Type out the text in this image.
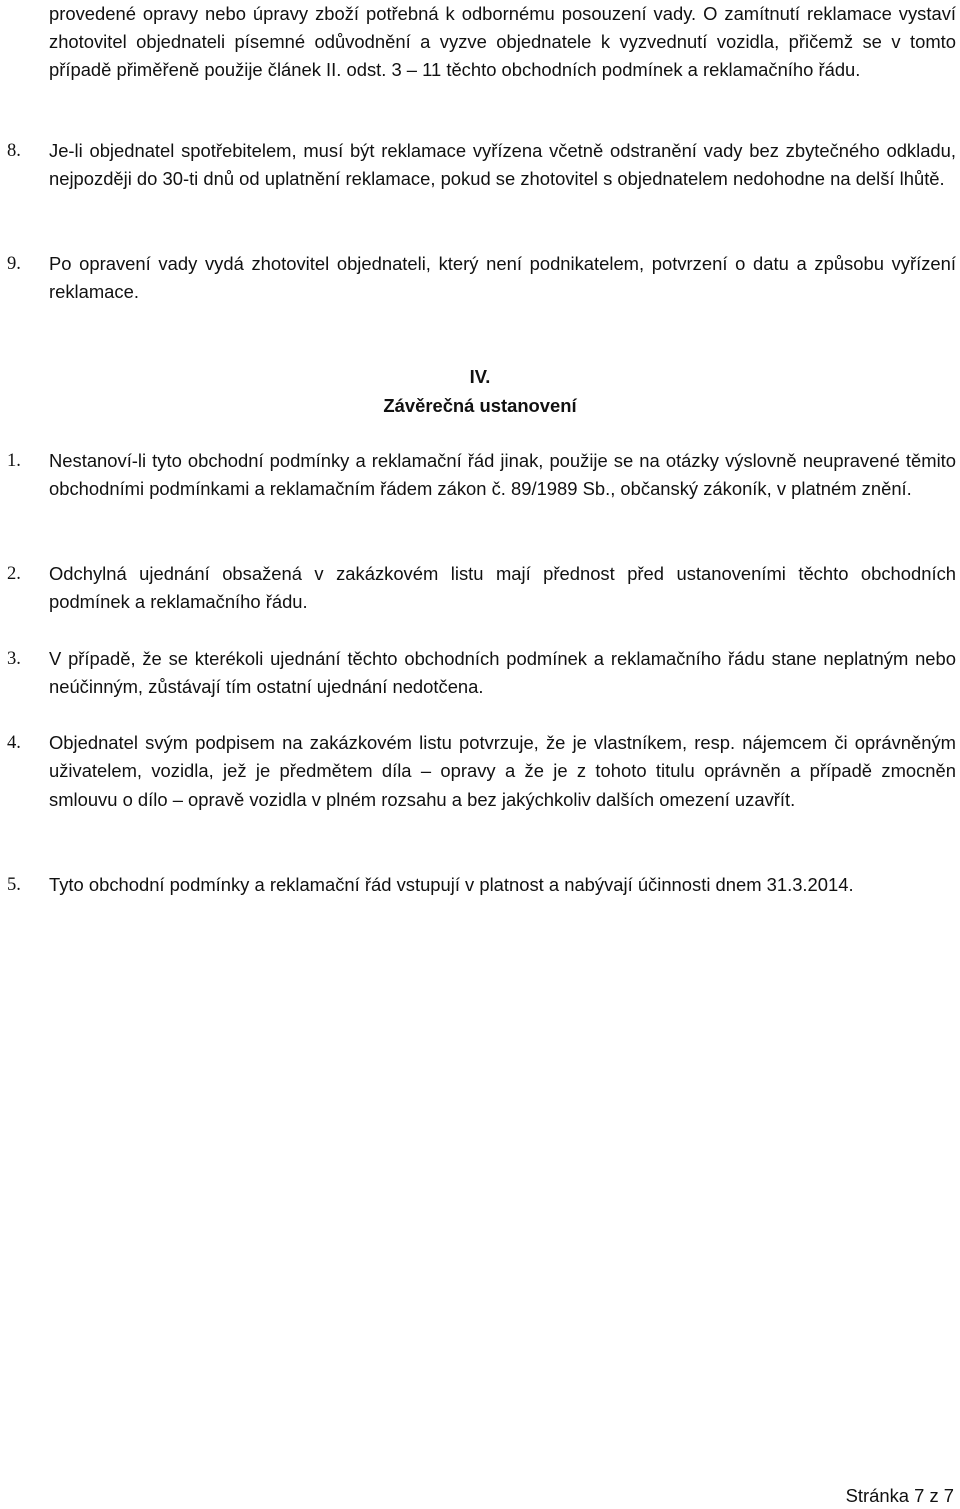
provedené opravy nebo úpravy zboží potřebná k odbornému posouzení vady. O zamítnutí reklamace vystaví zhotovitel objednateli písemné odůvodnění a vyzve objednatele k vyzvednutí vozidla, přičemž se v tomto případě přiměřeně použije článek II. odst. 3 – 11 těchto obchodních podmínek a reklamačního řádu.

8.	Je-li objednatel spotřebitelem, musí být reklamace vyřízena včetně odstranění vady bez zbytečného odkladu, nejpozději do 30-ti dnů od uplatnění reklamace, pokud se zhotovitel s objednatelem nedohodne na delší lhůtě.
9.	Po opravení vady vydá zhotovitel objednateli, který není podnikatelem, potvrzení o datu a způsobu vyřízení reklamace.

IV.

Závěrečná ustanovení

1.	Nestanoví-li tyto obchodní podmínky a reklamační řád jinak, použije se na otázky výslovně neupravené těmito obchodními podmínkami a reklamačním řádem zákon č. 89/1989 Sb., občanský zákoník, v platném znění.
2.	Odchylná ujednání obsažená v zakázkovém listu mají přednost před ustanoveními těchto obchodních podmínek a reklamačního řádu.
3.	V případě, že se kterékoli ujednání těchto obchodních podmínek a reklamačního řádu stane neplatným nebo neúčinným, zůstávají tím ostatní ujednání nedotčena.
4.	Objednatel svým podpisem na zakázkovém listu potvrzuje, že je vlastníkem, resp. nájemcem či oprávněným uživatelem, vozidla, jež je předmětem díla – opravy a že je z tohoto titulu oprávněn a případě zmocněn smlouvu o dílo – opravě vozidla v plném rozsahu a bez jakýchkoliv dalších omezení uzavřít.
5.	Tyto obchodní podmínky a reklamační řád vstupují v platnost a nabývají účinnosti dnem 31.3.2014.
Stránka 7 z 7
